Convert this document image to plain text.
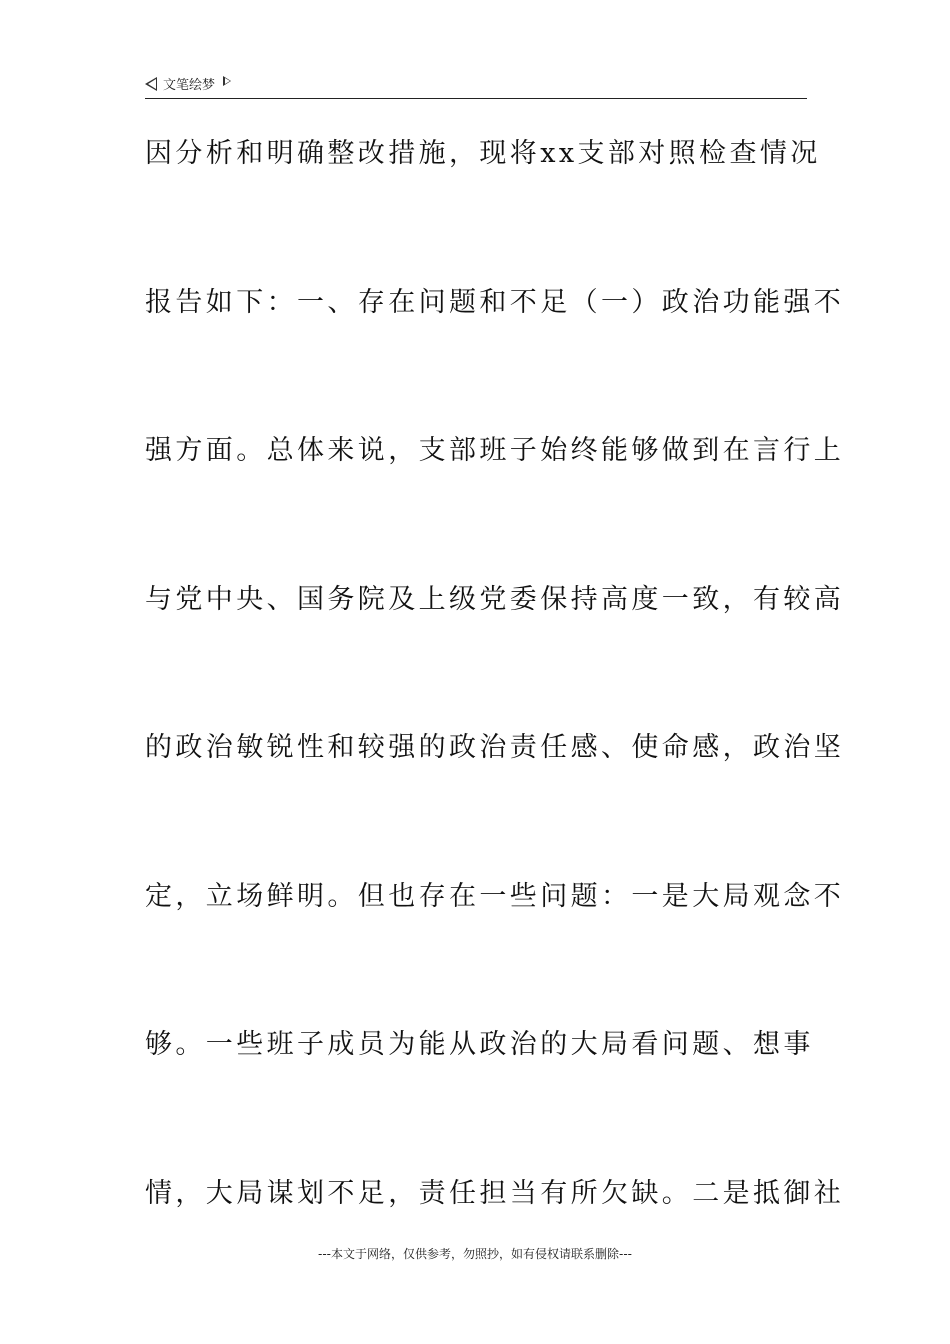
文笔绘梦
因分析和明确整改措施，现将xx支部对照检查情况
报告如下：一、存在问题和不足（一）政治功能强不
强方面。总体来说，支部班子始终能够做到在言行上
与党中央、国务院及上级党委保持高度一致，有较高
的政治敏锐性和较强的政治责任感、使命感，政治坚
定，立场鲜明。但也存在一些问题：一是大局观念不
够。一些班子成员为能从政治的大局看问题、想事
情，大局谋划不足，责任担当有所欠缺。二是抵御社
---本文于网络，仅供参考，勿照抄，如有侵权请联系删除---
